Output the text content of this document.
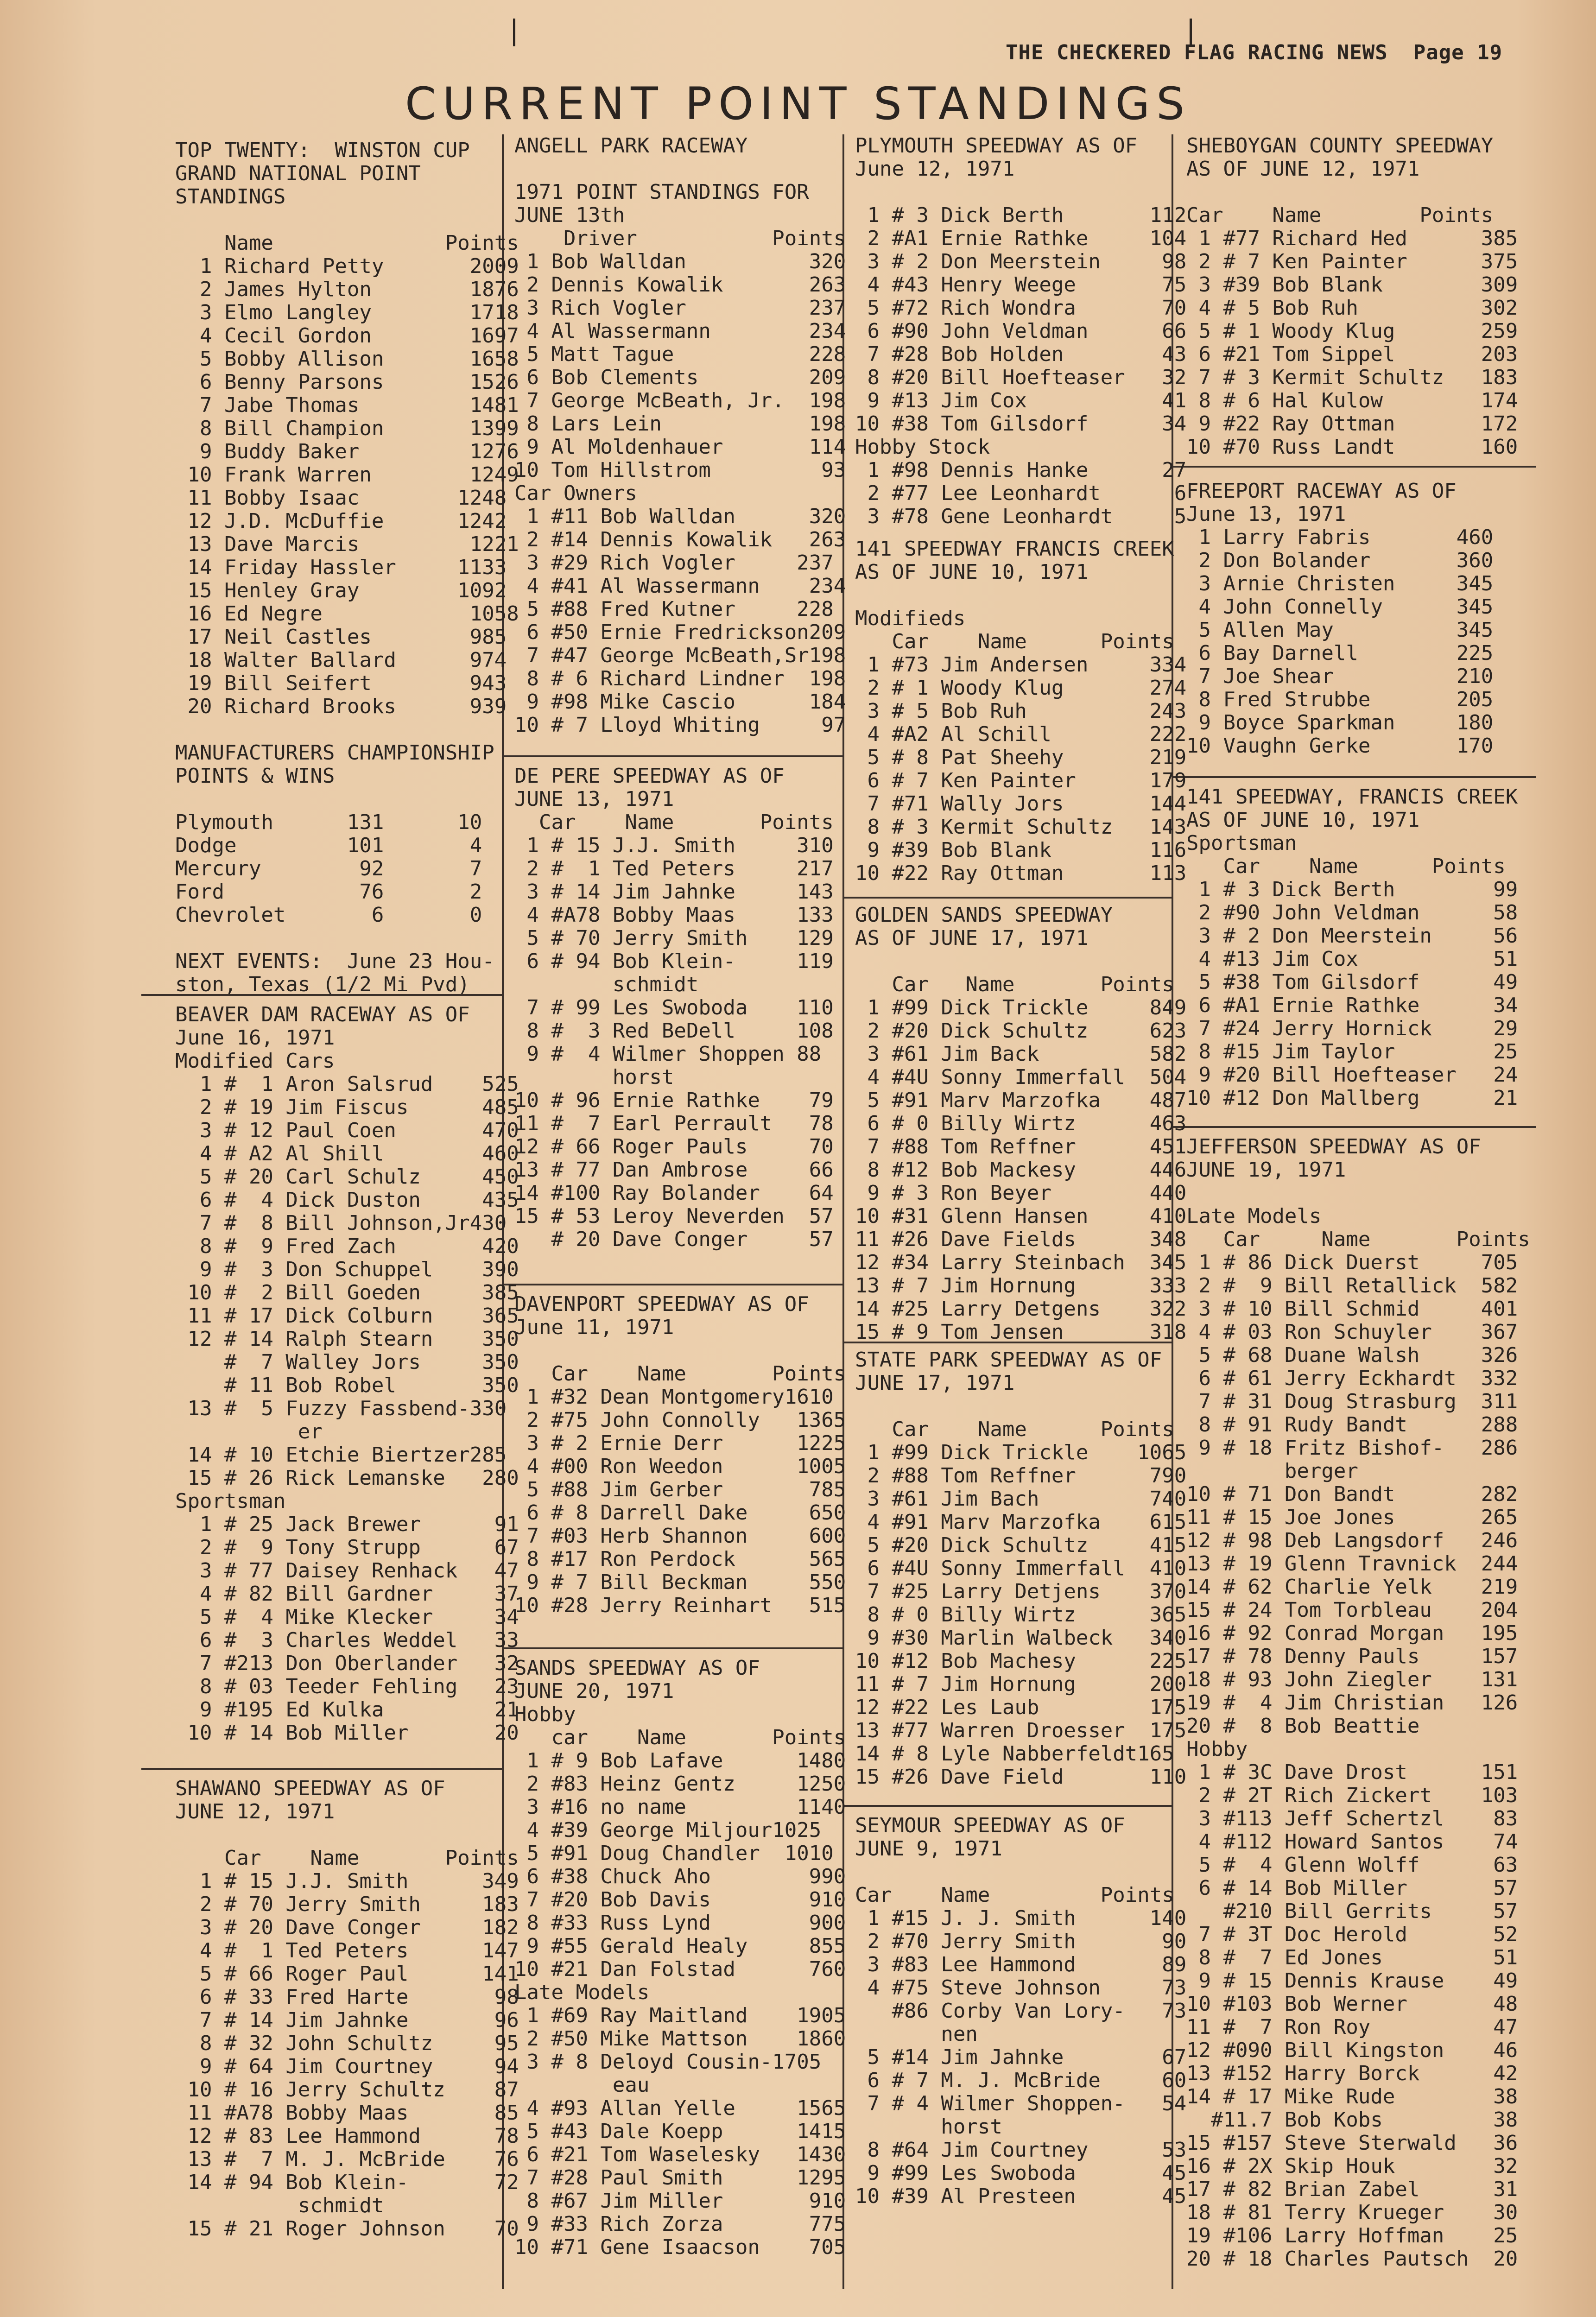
THE CHECKERED FLAG RACING NEWS Page 19
CURRENT POINT STANDINGS
TOP TWENTY:  WINSTON CUP
GRAND NATIONAL POINT
STANDINGS

Name              Points
1 Richard Petty       2009
2 James Hylton        1876
3 Elmo Langley        1718
4 Cecil Gordon        1697
5 Bobby Allison       1658
6 Benny Parsons       1526
7 Jabe Thomas         1481
8 Bill Champion       1399
9 Buddy Baker         1276
10 Frank Warren        1249
11 Bobby Isaac        1248
12 J.D. McDuffie      1242
13 Dave Marcis         1221
14 Friday Hassler     1133
15 Henley Gray        1092
16 Ed Negre            1058
17 Neil Castles        985
18 Walter Ballard      974
19 Bill Seifert        943
20 Richard Brooks      939

MANUFACTURERS CHAMPIONSHIP
POINTS & WINS

Plymouth      131      10
Dodge         101       4
Mercury        92       7
Ford           76       2
Chevrolet       6       0

NEXT EVENTS:  June 23 Hou-
ston, Texas (1/2 Mi Pvd)
BEAVER DAM RACEWAY AS OF
June 16, 1971
Modified Cars
1 #  1 Aron Salsrud    525
2 # 19 Jim Fiscus      485
3 # 12 Paul Coen       470
4 # A2 Al Shill        460
5 # 20 Carl Schulz     450
6 #  4 Dick Duston     435
7 #  8 Bill Johnson,Jr430
8 #  9 Fred Zach       420
9 #  3 Don Schuppel    390
10 #  2 Bill Goeden     385
11 # 17 Dick Colburn    365
12 # 14 Ralph Stearn    350
#  7 Walley Jors     350
# 11 Bob Robel       350
13 #  5 Fuzzy Fassbend-330
er
14 # 10 Etchie Biertzer285
15 # 26 Rick Lemanske   280
Sportsman
1 # 25 Jack Brewer      91
2 #  9 Tony Strupp      67
3 # 77 Daisey Renhack   47
4 # 82 Bill Gardner     37
5 #  4 Mike Klecker     34
6 #  3 Charles Weddel   33
7 #213 Don Oberlander   32
8 # 03 Teeder Fehling   23
9 #195 Ed Kulka         21
10 # 14 Bob Miller       20
SHAWANO SPEEDWAY AS OF
JUNE 12, 1971

Car    Name       Points
1 # 15 J.J. Smith      349
2 # 70 Jerry Smith     183
3 # 20 Dave Conger     182
4 #  1 Ted Peters      147
5 # 66 Roger Paul      141
6 # 33 Fred Harte       98
7 # 14 Jim Jahnke       96
8 # 32 John Schultz     95
9 # 64 Jim Courtney     94
10 # 16 Jerry Schultz    87
11 #A78 Bobby Maas       85
12 # 83 Lee Hammond      78
13 #  7 M. J. McBride    76
14 # 94 Bob Klein-       72
schmidt
15 # 21 Roger Johnson    70
ANGELL PARK RACEWAY

1971 POINT STANDINGS FOR
JUNE 13th
Driver           Points
1 Bob Walldan          320
2 Dennis Kowalik       263
3 Rich Vogler          237
4 Al Wassermann        234
5 Matt Tague           228
6 Bob Clements         209
7 George McBeath, Jr.  198
8 Lars Lein            198
9 Al Moldenhauer       114
10 Tom Hillstrom         93
Car Owners
1 #11 Bob Walldan      320
2 #14 Dennis Kowalik   263
3 #29 Rich Vogler     237
4 #41 Al Wassermann    234
5 #88 Fred Kutner     228
6 #50 Ernie Fredrickson209
7 #47 George McBeath,Sr198
8 # 6 Richard Lindner  198
9 #98 Mike Cascio      184
10 # 7 Lloyd Whiting     97
DE PERE SPEEDWAY AS OF
JUNE 13, 1971
Car    Name       Points
1 # 15 J.J. Smith     310
2 #  1 Ted Peters     217
3 # 14 Jim Jahnke     143
4 #A78 Bobby Maas     133
5 # 70 Jerry Smith    129
6 # 94 Bob Klein-     119
schmidt
7 # 99 Les Swoboda    110
8 #  3 Red BeDell     108
9 #  4 Wilmer Shoppen 88
horst
10 # 96 Ernie Rathke    79
11 #  7 Earl Perrault   78
12 # 66 Roger Pauls     70
13 # 77 Dan Ambrose     66
14 #100 Ray Bolander    64
15 # 53 Leroy Neverden  57
# 20 Dave Conger     57
DAVENPORT SPEEDWAY AS OF
June 11, 1971

Car    Name       Points
1 #32 Dean Montgomery1610
2 #75 John Connolly   1365
3 # 2 Ernie Derr      1225
4 #00 Ron Weedon      1005
5 #88 Jim Gerber       785
6 # 8 Darrell Dake     650
7 #03 Herb Shannon     600
8 #17 Ron Perdock      565
9 # 7 Bill Beckman     550
10 #28 Jerry Reinhart   515
SANDS SPEEDWAY AS OF
JUNE 20, 1971
Hobby
car    Name       Points
1 # 9 Bob Lafave      1480
2 #83 Heinz Gentz     1250
3 #16 no name         1140
4 #39 George Miljour1025
5 #91 Doug Chandler  1010
6 #38 Chuck Aho        990
7 #20 Bob Davis        910
8 #33 Russ Lynd        900
9 #55 Gerald Healy     855
10 #21 Dan Folstad      760
Late Models
1 #69 Ray Maitland    1905
2 #50 Mike Mattson    1860
3 # 8 Deloyd Cousin-1705
eau
4 #93 Allan Yelle     1565
5 #43 Dale Koepp      1415
6 #21 Tom Waselesky   1430
7 #28 Paul Smith      1295
8 #67 Jim Miller       910
9 #33 Rich Zorza       775
10 #71 Gene Isaacson    705
PLYMOUTH SPEEDWAY AS OF
June 12, 1971

1 # 3 Dick Berth       112
2 #A1 Ernie Rathke     104
3 # 2 Don Meerstein     98
4 #43 Henry Weege       75
5 #72 Rich Wondra       70
6 #90 John Veldman      66
7 #28 Bob Holden        43
8 #20 Bill Hoefteaser   32
9 #13 Jim Cox           41
10 #38 Tom Gilsdorf      34
Hobby Stock
1 #98 Dennis Hanke      27
2 #77 Lee Leonhardt      6
3 #78 Gene Leonhardt     5
141 SPEEDWAY FRANCIS CREEK
AS OF JUNE 10, 1971

Modifieds
Car    Name      Points
1 #73 Jim Andersen     334
2 # 1 Woody Klug       274
3 # 5 Bob Ruh          243
4 #A2 Al Schill        222
5 # 8 Pat Sheehy       219
6 # 7 Ken Painter      179
7 #71 Wally Jors       144
8 # 3 Kermit Schultz   143
9 #39 Bob Blank        116
10 #22 Ray Ottman       113
GOLDEN SANDS SPEEDWAY
AS OF JUNE 17, 1971

Car   Name       Points
1 #99 Dick Trickle     849
2 #20 Dick Schultz     623
3 #61 Jim Back         582
4 #4U Sonny Immerfall  504
5 #91 Marv Marzofka    487
6 # 0 Billy Wirtz      463
7 #88 Tom Reffner      451
8 #12 Bob Mackesy      446
9 # 3 Ron Beyer        440
10 #31 Glenn Hansen     410
11 #26 Dave Fields      348
12 #34 Larry Steinbach  345
13 # 7 Jim Hornung      333
14 #25 Larry Detgens    322
15 # 9 Tom Jensen       318
STATE PARK SPEEDWAY AS OF
JUNE 17, 1971

Car    Name      Points
1 #99 Dick Trickle    1065
2 #88 Tom Reffner      790
3 #61 Jim Bach         740
4 #91 Marv Marzofka    615
5 #20 Dick Schultz     415
6 #4U Sonny Immerfall  410
7 #25 Larry Detjens    370
8 # 0 Billy Wirtz      365
9 #30 Marlin Walbeck   340
10 #12 Bob Machesy      225
11 # 7 Jim Hornung      200
12 #22 Les Laub         175
13 #77 Warren Droesser  175
14 # 8 Lyle Nabberfeldt165
15 #26 Dave Field       110
SEYMOUR SPEEDWAY AS OF
JUNE 9, 1971

Car    Name         Points
1 #15 J. J. Smith      140
2 #70 Jerry Smith       90
3 #83 Lee Hammond       89
4 #75 Steve Johnson     73
#86 Corby Van Lory-   73
nen
5 #14 Jim Jahnke        67
6 # 7 M. J. McBride     60
7 # 4 Wilmer Shoppen-   54
horst
8 #64 Jim Courtney      53
9 #99 Les Swoboda       45
10 #39 Al Presteen       45
SHEBOYGAN COUNTY SPEEDWAY
AS OF JUNE 12, 1971

Car    Name        Points
1 #77 Richard Hed      385
2 # 7 Ken Painter      375
3 #39 Bob Blank        309
4 # 5 Bob Ruh          302
5 # 1 Woody Klug       259
6 #21 Tom Sippel       203
7 # 3 Kermit Schultz   183
8 # 6 Hal Kulow        174
9 #22 Ray Ottman       172
10 #70 Russ Landt       160
FREEPORT RACEWAY AS OF
June 13, 1971
1 Larry Fabris       460
2 Don Bolander       360
3 Arnie Christen     345
4 John Connelly      345
5 Allen May          345
6 Bay Darnell        225
7 Joe Shear          210
8 Fred Strubbe       205
9 Boyce Sparkman     180
10 Vaughn Gerke       170
141 SPEEDWAY, FRANCIS CREEK
AS OF JUNE 10, 1971
Sportsman
Car    Name      Points
1 # 3 Dick Berth        99
2 #90 John Veldman      58
3 # 2 Don Meerstein     56
4 #13 Jim Cox           51
5 #38 Tom Gilsdorf      49
6 #A1 Ernie Rathke      34
7 #24 Jerry Hornick     29
8 #15 Jim Taylor        25
9 #20 Bill Hoefteaser   24
10 #12 Don Mallberg      21
JEFFERSON SPEEDWAY AS OF
JUNE 19, 1971

Late Models
Car     Name       Points
1 # 86 Dick Duerst     705
2 #  9 Bill Retallick  582
3 # 10 Bill Schmid     401
4 # 03 Ron Schuyler    367
5 # 68 Duane Walsh     326
6 # 61 Jerry Eckhardt  332
7 # 31 Doug Strasburg  311
8 # 91 Rudy Bandt      288
9 # 18 Fritz Bishof-   286
berger
10 # 71 Don Bandt       282
11 # 15 Joe Jones       265
12 # 98 Deb Langsdorf   246
13 # 19 Glenn Travnick  244
14 # 62 Charlie Yelk    219
15 # 24 Tom Torbleau    204
16 # 92 Conrad Morgan   195
17 # 78 Denny Pauls     157
18 # 93 John Ziegler    131
19 #  4 Jim Christian   126
20 #  8 Bob Beattie
Hobby
1 # 3C Dave Drost      151
2 # 2T Rich Zickert    103
3 #113 Jeff Schertzl    83
4 #112 Howard Santos    74
5 #  4 Glenn Wolff      63
6 # 14 Bob Miller       57
#210 Bill Gerrits     57
7 # 3T Doc Herold       52
8 #  7 Ed Jones         51
9 # 15 Dennis Krause    49
10 #103 Bob Werner       48
11 #  7 Ron Roy          47
12 #090 Bill Kingston    46
13 #152 Harry Borck      42
14 # 17 Mike Rude        38
#11.7 Bob Kobs         38
15 #157 Steve Sterwald   36
16 # 2X Skip Houk        32
17 # 82 Brian Zabel      31
18 # 81 Terry Krueger    30
19 #106 Larry Hoffman    25
20 # 18 Charles Pautsch  20
